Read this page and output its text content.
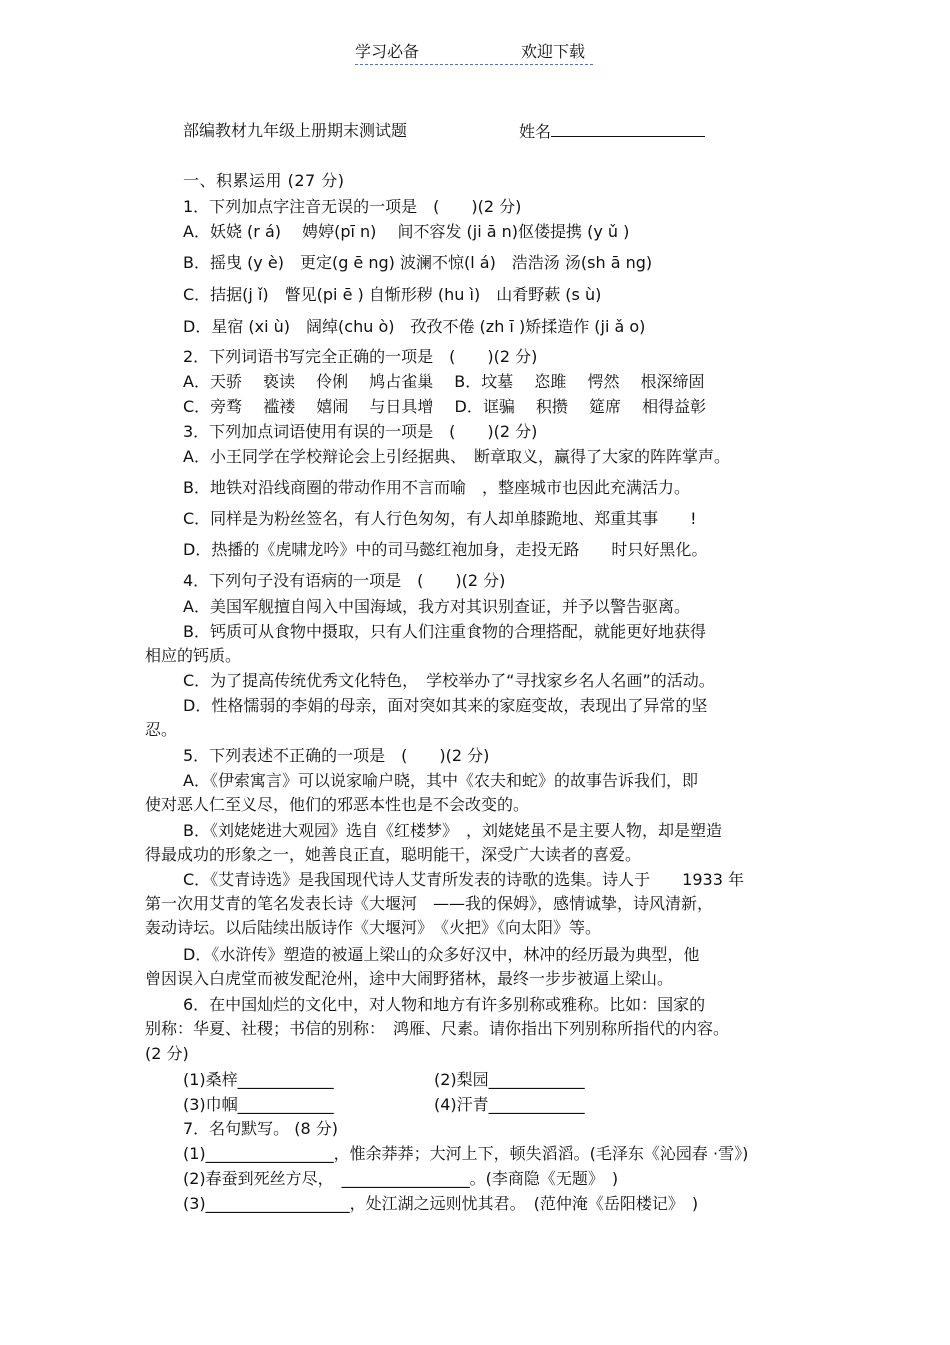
学习必备	欢迎下载
部编教材九年级上册期末测试题	姓名
一、积累运用 (27 分)
1．下列加点字注音无误的一项是　(　　)(2 分)
A．妖娆 (r á)　 娉婷(pī n)　 间不容发 (ji ā n)伛偻提携 (y ǔ )
B．摇曳 (y è)　更定(g ē ng) 波澜不惊(l á)　浩浩汤 汤(sh ā ng)
C．拮据(j ǐ)　瞥见(pi ē ) 自惭形秽 (hu ì)　山肴野蔌 (s ù)
D．星宿 (xi ù)　阔绰(chu ò)　孜孜不倦 (zh ī )矫揉造作 (ji ǎ o)
2．下列词语书写完全正确的一项是　(　　)(2 分)
A．天骄　 亵读　 伶俐　 鸠占雀巢　 B．坟墓　 恣雎　 愕然　 根深缔固
C．旁骛　 褴褛　 嬉闹　 与日具增　 D．诓骗　 积攒　 筵席　 相得益彰
3．下列加点词语使用有误的一项是　(　　)(2 分)
A．小王同学在学校辩论会上引经据典、　断章取义，赢得了大家的阵阵掌声。
B．地铁对沿线商圈的带动作用不言而喻　，整座城市也因此充满活力。
C．同样是为粉丝签名，有人行色匆匆，有人却单膝跪地、郑重其事　　!
D．热播的《虎啸龙吟》中的司马懿红袍加身，走投无路　　时只好黑化。
4．下列句子没有语病的一项是　(　　)(2 分)
A．美国军舰擅自闯入中国海域，我方对其识别查证，并予以警告驱离。
B．钙质可从食物中摄取，只有人们注重食物的合理搭配，就能更好地获得
相应的钙质。
C．为了提高传统优秀文化特色，　学校举办了“寻找家乡名人名画”的活动。
D．性格懦弱的李娟的母亲，面对突如其来的家庭变故，表现出了异常的坚
忍。
5．下列表述不正确的一项是　(　　)(2 分)
A．《伊索寓言》可以说家喻户晓，其中《农夫和蛇》的故事告诉我们，即
使对恶人仁至义尽，他们的邪恶本性也是不会改变的。
B．《刘姥姥进大观园》选自《红楼梦》　，刘姥姥虽不是主要人物，却是塑造
得最成功的形象之一，她善良正直，聪明能干，深受广大读者的喜爱。
C．《艾青诗选》是我国现代诗人艾青所发表的诗歌的选集。诗人于　　1933 年
第一次用艾青的笔名发表长诗《大堰河　——我的保姆》，感情诚挚，诗风清新，
轰动诗坛。以后陆续出版诗作《大堰河》　《火把》《向太阳》等。
D．《水浒传》塑造的被逼上梁山的众多好汉中，林冲的经历最为典型，他
曾因误入白虎堂而被发配沧州，途中大闹野猪林，最终一步步被逼上梁山。
6．在中国灿烂的文化中，对人物和地方有许多别称或雅称。比如：国家的
别称：华夏、社稷；书信的别称：　鸿雁、尺素。请你指出下列别称所指代的内容。
(2 分)
(1)桑梓____________	(2)梨园____________
(3)巾帼____________	(4)汗青____________
7．名句默写。 (8 分)
(1)________________，惟余莽莽；大河上下，顿失滔滔。(毛泽东《沁园春 ·雪》)
(2)春蚕到死丝方尽，　________________。(李商隐《无题》　)
(3)__________________，处江湖之远则忧其君。　(范仲淹《岳阳楼记》　)
